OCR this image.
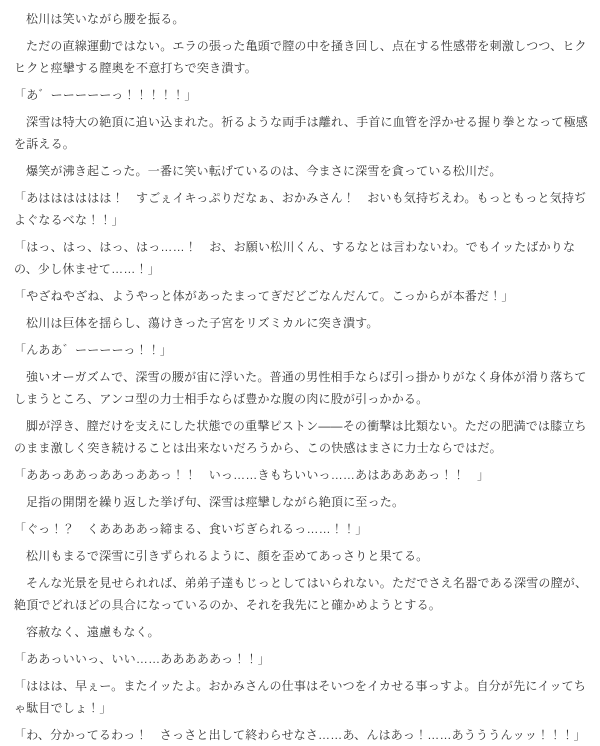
松川は笑いながら腰を振る。

ただの直線運動ではない。エラの張った亀頭で膣の中を掻き回し、点在する性感帯を刺激しつつ、ヒクヒクと痙攣する膣奥を不意打ちで突き潰す。

「あ゛ーーーーーっ！！！！！」

深雪は特大の絶頂に追い込まれた。祈るような両手は離れ、手首に血管を浮かせる握り拳となって極感を訴える。

爆笑が沸き起こった。一番に笑い転げているのは、今まさに深雪を貪っている松川だ。

「あはははははは！　すごぇイキっぷりだなぁ、おかみさん！　おいも気持ぢえわ。もっともっと気持ぢよぐなるべな！！」

「はっ、はっ、はっ、はっ……！　お、お願い松川くん、するなとは言わないわ。でもイッたばかりなの、少し休ませて……！」

「やざねやざね、ようやっと体があったまってぎだどごなんだんて。こっからが本番だ！」

松川は巨体を揺らし、蕩けきった子宮をリズミカルに突き潰す。

「んああ゛ーーーーっ！！」

強いオーガズムで、深雪の腰が宙に浮いた。普通の男性相手ならば引っ掛かりがなく身体が滑り落ちてしまうところ、アンコ型の力士相手ならば豊かな腹の肉に股が引っかかる。

脚が浮き、膣だけを支えにした状態での重撃ピストン――その衝撃は比類ない。ただの肥満では膝立ちのまま激しく突き続けることは出来ないだろうから、この快感はまさに力士ならではだ。

「ああっああっああっああっ！！　いっ……きもちいいっ……あはああああっ！！　」

足指の開閉を繰り返した挙げ句、深雪は痙攣しながら絶頂に至った。

「ぐっ！？　くああああっ締まる、食いぢぎられるっ……！！」

松川もまるで深雪に引きずられるように、顔を歪めてあっさりと果てる。

そんな光景を見せられれば、弟弟子達もじっとしてはいられない。ただでさえ名器である深雪の膣が、絶頂でどれほどの具合になっているのか、それを我先にと確かめようとする。

容赦なく、遠慮もなく。

「ああっいいっ、いい……あああああっ！！」

「ははは、早ぇー。またイッたよ。おかみさんの仕事はそいつをイカせる事っすよ。自分が先にイッてちゃ駄目でしょ！」

「わ、分かってるわっ！　さっさと出して終わらせなさ……あ、んはあっ！……あうううんッッ！！！」
